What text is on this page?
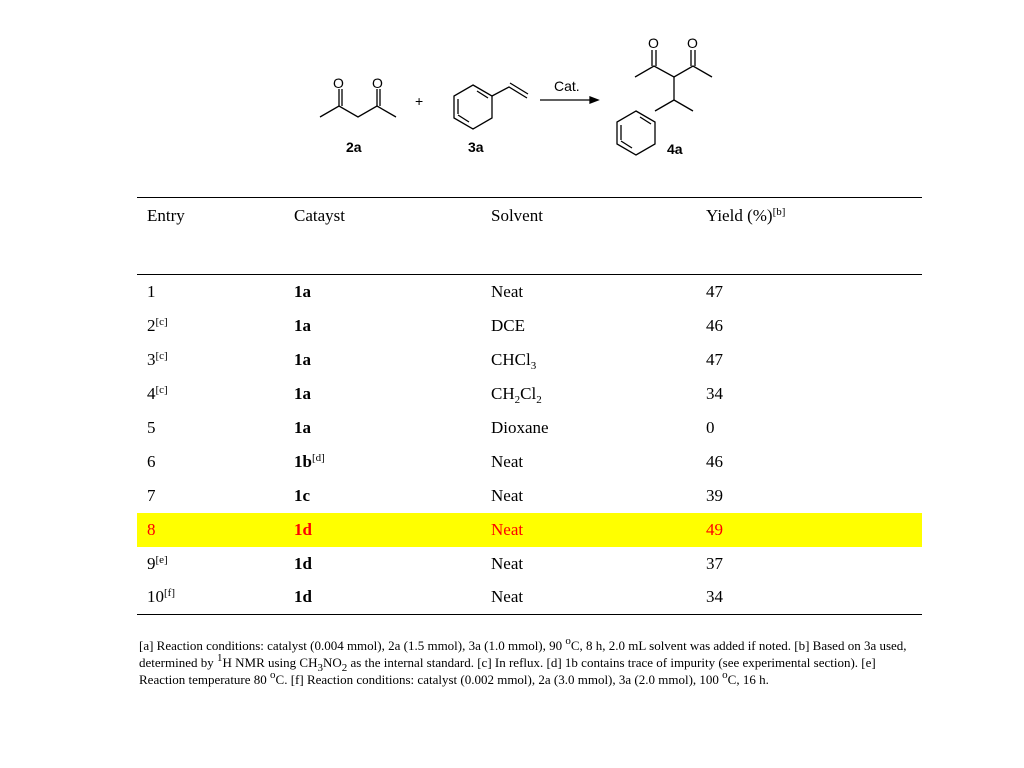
O O
O O
+
Cat.
2a	3a	4a
Entry	Catayst	Solvent	Yield (%)[b]
1	1a	Neat	47
2[c]	1a	DCE	46
3[c]	1a	CHCl$_3$	47
4[c]	1a	$CH_2Cl_2$	34
5	1a	Dioxane	0
6	1b[d]	Neat	46
7	1c	Neat	39
8	1d	Neat	49
9[e]	1d	Neat	37
10[f]	1d	Neat	34
[a] Reaction conditions: catalyst (0.004 mmol), 2a (1.5 mmol), 3a (1.0 mmol), 90 $^o$C, 8 h, 2.0 mL solvent was added if noted. [b] Based on 3a used, determined by $^1$H NMR using $CH_3NO_2$ as the internal standard. [c] In reflux. [d] 1b contains trace of impurity (see experimental section). [e] Reaction temperature 80 $^o$C. [f] Reaction conditions: catalyst (0.002 mmol), 2a (3.0 mmol), 3a (2.0 mmol), 100 $^o$C, 16 h.
